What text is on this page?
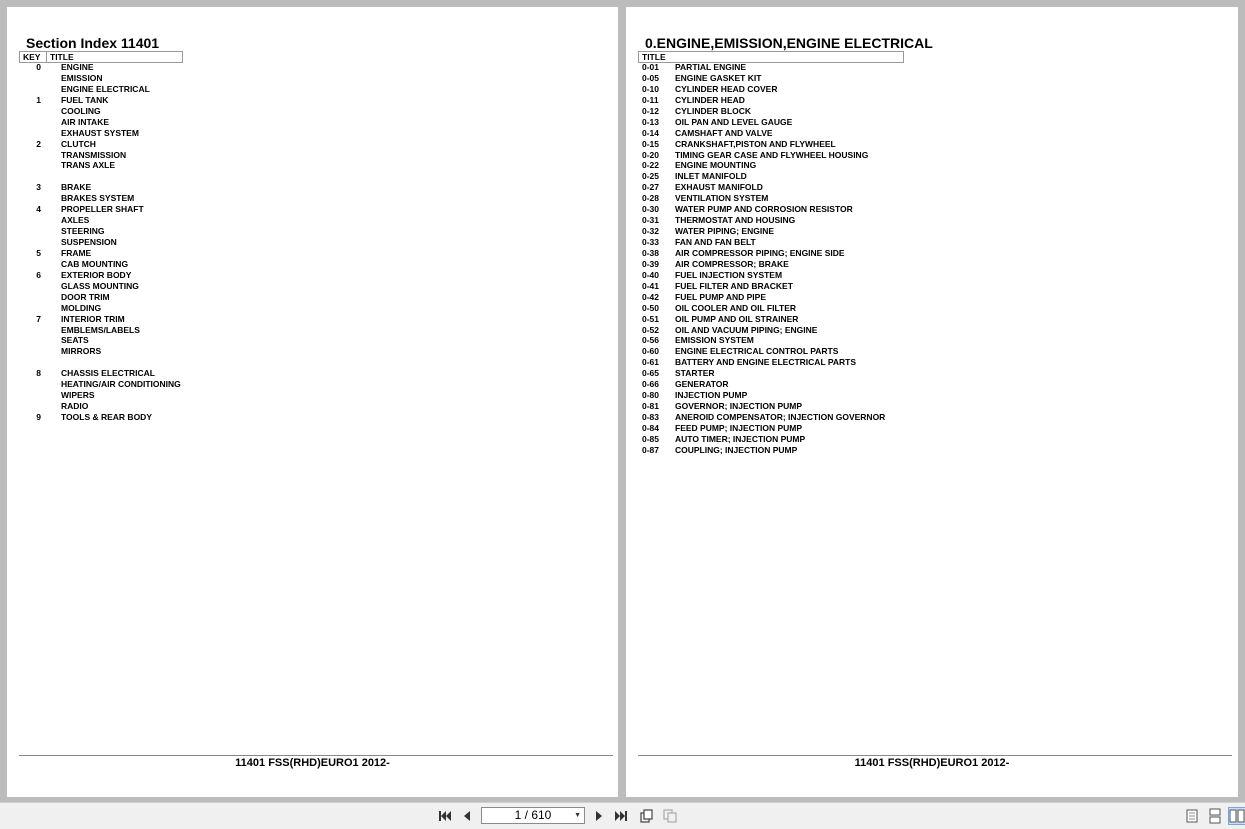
Section Index 11401
KEY TITLE
0 ENGINE
EMISSION
ENGINE ELECTRICAL
1 FUEL TANK
COOLING
AIR INTAKE
EXHAUST SYSTEM
2 CLUTCH
TRANSMISSION
TRANS AXLE
3 BRAKE
BRAKES SYSTEM
4 PROPELLER SHAFT
AXLES
STEERING
SUSPENSION
5 FRAME
CAB MOUNTING
6 EXTERIOR BODY
GLASS MOUNTING
DOOR TRIM
MOLDING
7 INTERIOR TRIM
EMBLEMS/LABELS
SEATS
MIRRORS
8 CHASSIS ELECTRICAL
HEATING/AIR CONDITIONING
WIPERS
RADIO
9 TOOLS & REAR BODY
11401 FSS(RHD)EURO1 2012-
0.ENGINE,EMISSION,ENGINE ELECTRICAL
TITLE
0-01 PARTIAL ENGINE
0-05 ENGINE GASKET KIT
0-10 CYLINDER HEAD COVER
0-11 CYLINDER HEAD
0-12 CYLINDER BLOCK
0-13 OIL PAN AND LEVEL GAUGE
0-14 CAMSHAFT AND VALVE
0-15 CRANKSHAFT,PISTON AND FLYWHEEL
0-20 TIMING GEAR CASE AND FLYWHEEL HOUSING
0-22 ENGINE MOUNTING
0-25 INLET MANIFOLD
0-27 EXHAUST MANIFOLD
0-28 VENTILATION SYSTEM
0-30 WATER PUMP AND CORROSION RESISTOR
0-31 THERMOSTAT AND HOUSING
0-32 WATER PIPING; ENGINE
0-33 FAN AND FAN BELT
0-38 AIR COMPRESSOR PIPING; ENGINE SIDE
0-39 AIR COMPRESSOR; BRAKE
0-40 FUEL INJECTION SYSTEM
0-41 FUEL FILTER AND BRACKET
0-42 FUEL PUMP AND PIPE
0-50 OIL COOLER AND OIL FILTER
0-51 OIL PUMP AND OIL STRAINER
0-52 OIL AND VACUUM PIPING; ENGINE
0-56 EMISSION SYSTEM
0-60 ENGINE ELECTRICAL CONTROL PARTS
0-61 BATTERY AND ENGINE ELECTRICAL PARTS
0-65 STARTER
0-66 GENERATOR
0-80 INJECTION PUMP
0-81 GOVERNOR; INJECTION PUMP
0-83 ANEROID COMPENSATOR; INJECTION GOVERNOR
0-84 FEED PUMP; INJECTION PUMP
0-85 AUTO TIMER; INJECTION PUMP
0-87 COUPLING; INJECTION PUMP
11401 FSS(RHD)EURO1 2012-
1 / 610	▼
